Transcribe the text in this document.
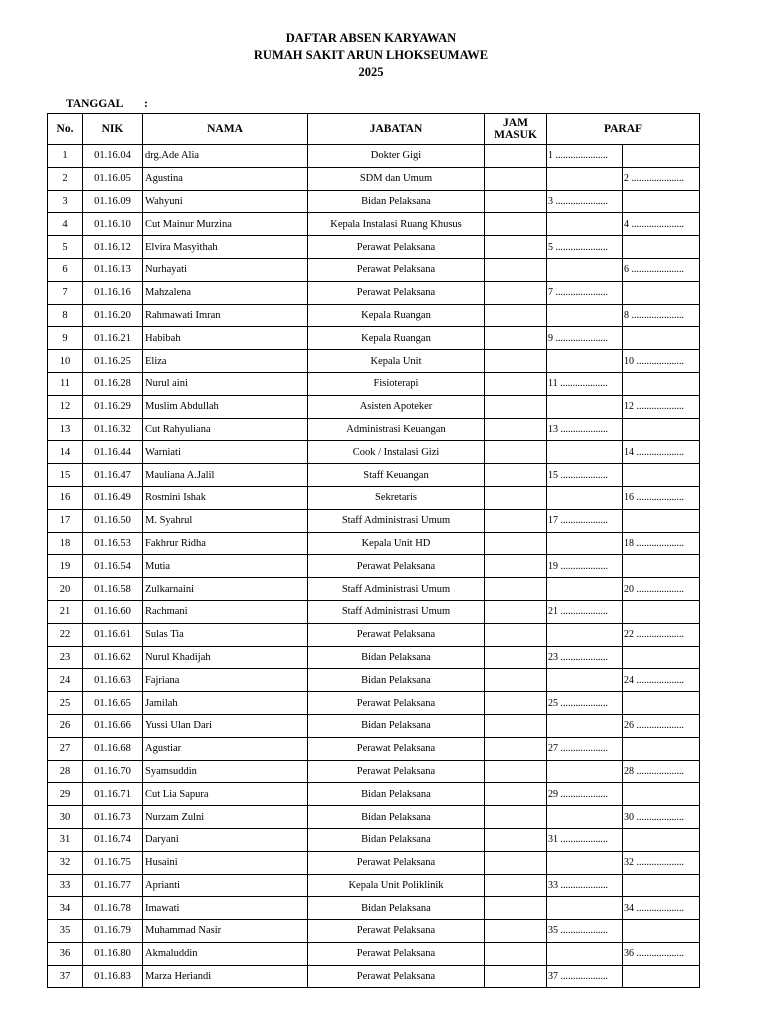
DAFTAR ABSEN KARYAWAN
RUMAH SAKIT ARUN LHOKSEUMAWE
2025
TANGGAL :
No.	NIK	NAMA	JABATAN	JAM MASUK	PARAF	
1	01.16.04	drg.Ade Alia	Dokter Gigi		1 .....................	
2	01.16.05	Agustina	SDM dan Umum			2 .....................
3	01.16.09	Wahyuni	Bidan Pelaksana		3 .....................	
4	01.16.10	Cut Mainur Murzina	Kepala Instalasi Ruang Khusus			4 .....................
5	01.16.12	Elvira Masyithah	Perawat Pelaksana		5 .....................	
6	01.16.13	Nurhayati	Perawat Pelaksana			6 .....................
7	01.16.16	Mahzalena	Perawat Pelaksana		7 .....................	
8	01.16.20	Rahmawati Imran	Kepala Ruangan			8 .....................
9	01.16.21	Habibah	Kepala Ruangan		9 .....................	
10	01.16.25	Eliza	Kepala Unit			10 ...................
11	01.16.28	Nurul aini	Fisioterapi		11 ...................	
12	01.16.29	Muslim Abdullah	Asisten Apoteker			12 ...................
13	01.16.32	Cut Rahyuliana	Administrasi Keuangan		13 ...................	
14	01.16.44	Warniati	Cook / Instalasi Gizi			14 ...................
15	01.16.47	Mauliana A.Jalil	Staff Keuangan		15 ...................	
16	01.16.49	Rosmini Ishak	Sekretaris			16 ...................
17	01.16.50	M. Syahrul	Staff Administrasi Umum		17 ...................	
18	01.16.53	Fakhrur Ridha	Kepala Unit HD			18 ...................
19	01.16.54	Mutia	Perawat Pelaksana		19 ...................	
20	01.16.58	Zulkarnaini	Staff Administrasi Umum			20 ...................
21	01.16.60	Rachmani	Staff Administrasi Umum		21 ...................	
22	01.16.61	Sulas Tia	Perawat Pelaksana			22 ...................
23	01.16.62	Nurul Khadijah	Bidan Pelaksana		23 ...................	
24	01.16.63	Fajriana	Bidan Pelaksana			24 ...................
25	01.16.65	Jamilah	Perawat Pelaksana		25 ...................	
26	01.16.66	Yussi Ulan Dari	Bidan Pelaksana			26 ...................
27	01.16.68	Agustiar	Perawat Pelaksana		27 ...................	
28	01.16.70	Syamsuddin	Perawat Pelaksana			28 ...................
29	01.16.71	Cut Lia Sapura	Bidan Pelaksana		29 ...................	
30	01.16.73	Nurzam Zulni	Bidan Pelaksana			30 ...................
31	01.16.74	Daryani	Bidan Pelaksana		31 ...................	
32	01.16.75	Husaini	Perawat Pelaksana			32 ...................
33	01.16.77	Aprianti	Kepala Unit Poliklinik		33 ...................	
34	01.16.78	Imawati	Bidan Pelaksana			34 ...................
35	01.16.79	Muhammad Nasir	Perawat Pelaksana		35 ...................	
36	01.16.80	Akmaluddin	Perawat Pelaksana			36 ...................
37	01.16.83	Marza Heriandi	Perawat Pelaksana		37 ...................	
